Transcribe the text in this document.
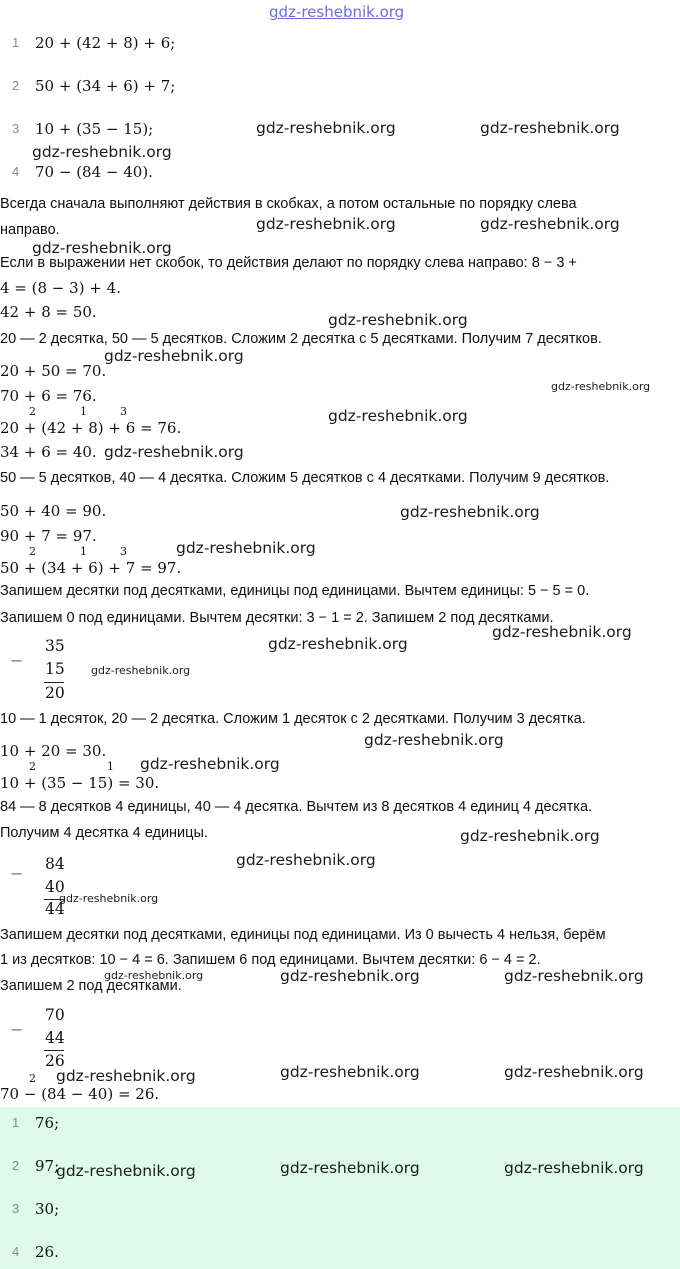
gdz-reshebnik.org
1 20 + (42 + 8) + 6;
2 50 + (34 + 6) + 7;
3 10 + (35 − 15);
4 70 − (84 − 40).
Всегда сначала выполняют действия в скобках, а потом остальные по порядку слева
направо.
Если в выражении нет скобок, то действия делают по порядку слева направо: 8 − 3 +
4 = (8 − 3) + 4.
42 + 8 = 50.
20 — 2 десятка, 50 — 5 десятков. Сложим 2 десятка с 5 десятками. Получим 7 десятков.
20 + 50 = 70.
70 + 6 = 76.
2	1	3
20 + (42 + 8) + 6 = 76.
34 + 6 = 40.
50 — 5 десятков, 40 — 4 десятка. Сложим 5 десятков с 4 десятками. Получим 9 десятков.
50 + 40 = 90.
90 + 7 = 97.
2	1	3
50 + (34 + 6) + 7 = 97.
Запишем десятки под десятками, единицы под единицами. Вычтем единицы: 5 − 5 = 0.
Запишем 0 под единицами. Вычтем десятки: 3 − 1 = 2. Запишем 2 под десятками.
−
35
15
20
10 — 1 десяток, 20 — 2 десятка. Сложим 1 десяток с 2 десятками. Получим 3 десятка.
10 + 20 = 30.
2	1
10 + (35 − 15) = 30.
84 — 8 десятков 4 единицы, 40 — 4 десятка. Вычтем из 8 десятков 4 единиц 4 десятка.
Получим 4 десятка 4 единицы.
− 84
40
44
Запишем десятки под десятками, единицы под единицами. Из 0 вычесть 4 нельзя, берём
1 из десятков: 10 − 4 = 6. Запишем 6 под единицами. Вычтем десятки: 6 − 4 = 2.
Запишем 2 под десятками.
−
70
44
26
2
70 − (84 − 40) = 26.
1 76;
2 97;
3 30;
4 26.
gdz-reshebnik.org	gdz-reshebnik.org
gdz-reshebnik.org
gdz-reshebnik.org	gdz-reshebnik.org
gdz-reshebnik.org
gdz-reshebnik.org
gdz-reshebnik.org
gdz-reshebnik.org
gdz-reshebnik.org
gdz-reshebnik.org
gdz-reshebnik.org
gdz-reshebnik.org
gdz-reshebnik.org
gdz-reshebnik.org
gdz-reshebnik.org
gdz-reshebnik.org
gdz-reshebnik.org
gdz-reshebnik.org
gdz-reshebnik.org
gdz-reshebnik.org
gdz-reshebnik.org	gdz-reshebnik.org	gdz-reshebnik.org
gdz-reshebnik.org	gdz-reshebnik.org	gdz-reshebnik.org
gdz-reshebnik.org	gdz-reshebnik.org	gdz-reshebnik.org
